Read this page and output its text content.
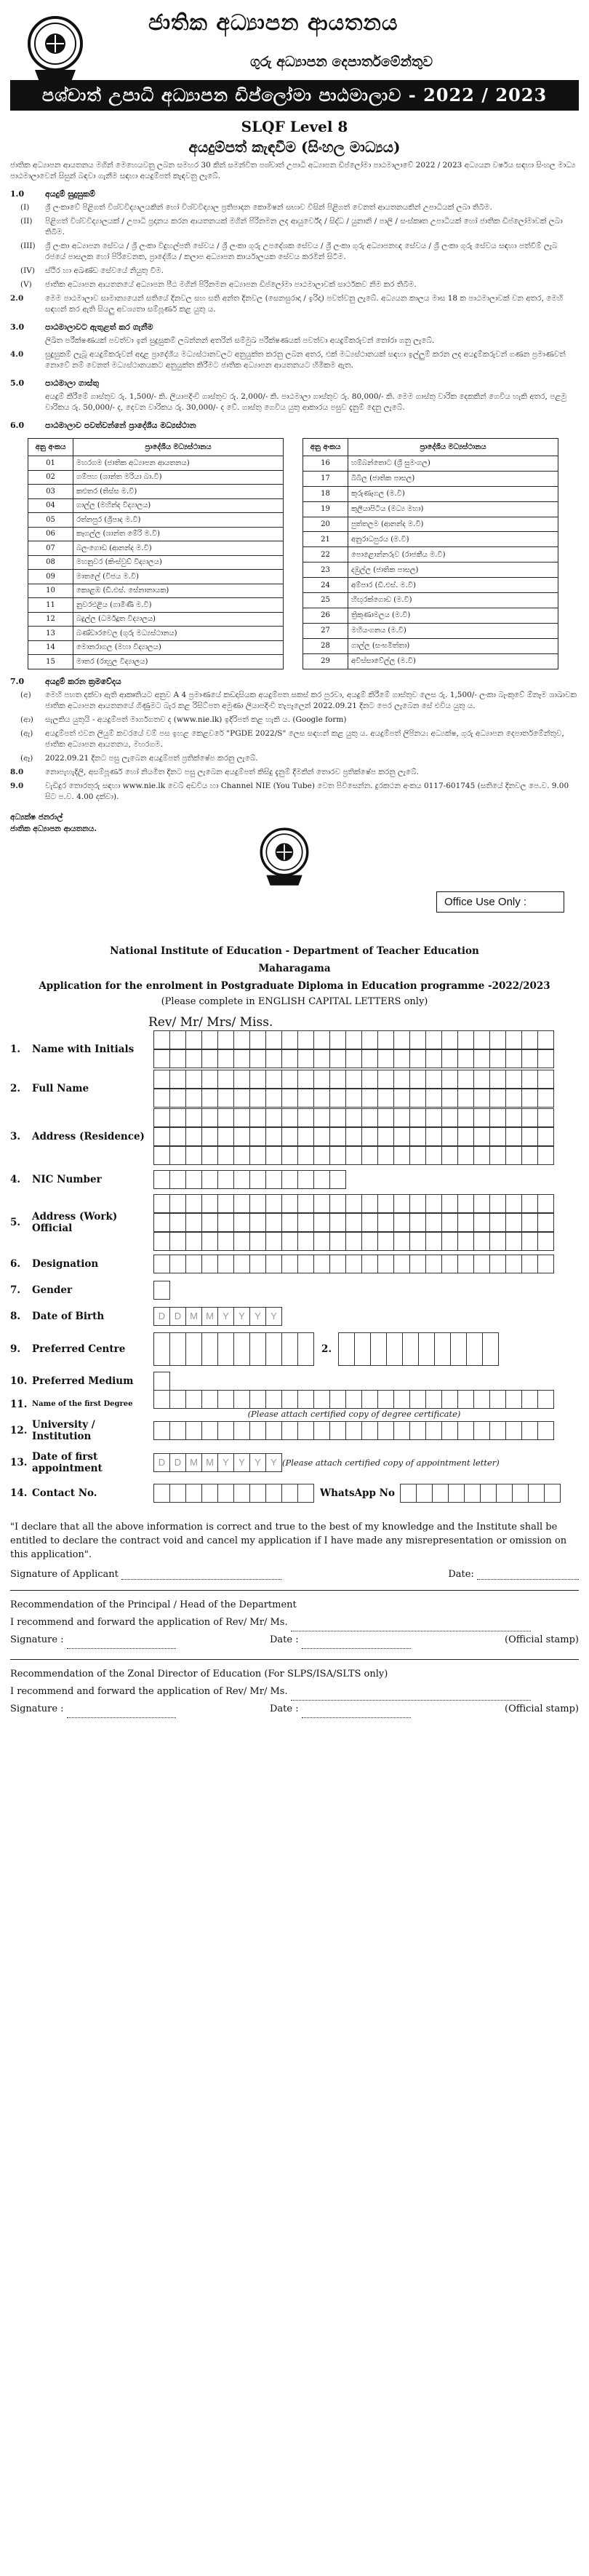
ජාතික අධ්‍යාපන ආයතනය
ගුරු අධ්‍යාපන දෙපාර්තමේන්තුව
පශ්චාත් උපාධි අධ්‍යාපන ඩිප්ලෝමා පාඨමාලාව - 2022 / 2023
SLQF Level 8
අයදුම්පත් කැඳවීම (සිංහල මාධ්‍යය)
ජාතික අධ්‍යාපන ආයතනය මගින් මෙහෙයවනු ලබන සමහර 30 කින් සමන්විත පශ්චාත් උපාධි අධ්‍යාපන ඩිප්ලෝමා පාඨමාලාවේ 2022 / 2023 අධ්‍යයන වර්ෂය සඳහා සිංහල මාධ්‍ය පාඨමාලාවෙන් සිසුන් බඳවා ගැනීම සඳහා අයදුම්පත් කැඳවනු ලැබේ.
1.0	අයදුම් සුදුසුකම්
(I)	ශ්‍රී ලංකාවේ පිළිගත් විශ්වවිද්‍යාලයකින් හෝ විශ්වවිද්‍යාල ප්‍රතිපාදන කොමිෂන් සභාව විසින් පිළිගත් වෙනත් ආයතනයකින් උපාධියක් ලබා තිබීම.
(II)	පිළිගත් විශ්වවිද්‍යාලයක් / උපාධි ප්‍රදානය කරන ආයතනයක් මගින් පිරිනමන ලද ආයුර්වේද / සිද්ධ / යුනානි / පාලි / සංස්කෘත උපාධියක් හෝ ජාතික ඩිප්ලෝමාවක් ලබා තිබීම.
(III)	ශ්‍රී ලංකා අධ්‍යාපන සේවය / ශ්‍රී ලංකා විදුහල්පති සේවය / ශ්‍රී ලංකා ගුරු උපදේශක සේවය / ශ්‍රී ලංකා ගුරු අධ්‍යාපනඥ සේවය / ශ්‍රී ලංකා ගුරු සේවය සඳහා පත්වීම් ලැබ රජයේ පාසලක හෝ පිරිවෙනක, ප්‍රාදේශීය / කලාප අධ්‍යාපන කාර්යාලයක සේවය කරමින් සිටීම.
(IV)	ස්ථිර හා අඛණ්ඩ සේවයේ නියුතු වීම.
(V)	ජාතික අධ්‍යාපන ආයතනයේ අධ්‍යාපන පීඨ මගින් පිරිනමන අධ්‍යාපන ඩිප්ලෝමා පාඨමාලාවක් සාර්ථකව නිම කර තිබීම.
2.0	මෙම පාඨමාලාව සාමාන්‍යයෙන් සතියේ දිනවල සහ සති අන්ත දිනවල (සෙනසුරාදා / ඉරිදා) පවත්වනු ලැබේ. අධ්‍යයන කාලය මාස 18 ක පාඨමාලාවක් වන අතර, මෙහි සඳහන් කර ඇති සියලු අවශ්‍යතා සම්පූර්ණ කළ යුතු ය.
3.0	පාඨමාලාවට ඇතුළත් කර ගැනීම
ලිඛිත පරීක්ෂණයක් පවත්වා ඉන් සුදුසුකම් ලබන්නන් අතරින් සම්මුඛ පරීක්ෂණයක් පවත්වා අයදුම්කරුවන් තෝරා ගනු ලැබේ.
4.0	සුදුසුකම් ලැබූ අයදුම්කරුවන් අදාළ ප්‍රාදේශීය මධ්‍යස්ථානවලට අනුයුක්ත කරනු ලබන අතර, එක් මධ්‍යස්ථානයක් සඳහා ඉල්ලුම් කරන ලද අයදුම්කරුවන් ගණන ප්‍රමාණවත් නොවේ නම් වෙනත් මධ්‍යස්ථානයකට අනුයුක්ත කිරීමට ජාතික අධ්‍යාපන ආයතනයට හිමිකම ඇත.
5.0	පාඨමාලා ගාස්තු
අයදුම් කිරීමේ ගාස්තුව රු. 1,500/- කි. ලියාපදිංචි ගාස්තුව රු. 2,000/- කි. පාඨමාලා ගාස්තුව රු. 80,000/- කි. මෙම ගාස්තු වාරික දෙකකින් ගෙවිය හැකි අතර, පළමු වාරිකය රු. 50,000/- ද, දෙවන වාරිකය රු. 30,000/- ද වේ. ගාස්තු ගෙවිය යුතු ආකාරය පසුව දැනුම් දෙනු ලැබේ.
6.0	පාඨමාලාව පවත්වන්නේ ප්‍රාදේශීය මධ්‍යස්ථාන
අනු අංකය	ප්‍රාදේශීය මධ්‍යස්ථානය
01	මහරගම (ජාතික අධ්‍යාපන ආයතනය)
02	ගම්පහ (ශාන්ත මරියා බා.වි)
03	කළුතර (තිස්ස ම.වි)
04	ගාල්ල (මහින්ද විද්‍යාලය)
05	රත්නපුර (ශ්‍රීපාද ම.වි)
06	කෑගල්ල (ශාන්ත මේරි ම.වි)
07	බලංගොඩ (ආනන්ද ම.වි)
08	මහනුවර (කිංස්වුඩ් විද්‍යාලය)
09	මාතලේ (විජය ම.වි)
10	කොළඹ (ඩී.එස්. සේනානායක)
11	නුවරඑළිය (ගාමිණී ම.වි)
12	බදුල්ල (ධර්මදූත විද්‍යාලය)
13	බණ්ඩාරවෙල (ගුරු මධ්‍යස්ථානය)
14	මොනරාගල (මහා විද්‍යාලය)
15	මාතර (රාහුල විද්‍යාලය)
අනු අංකය	ප්‍රාදේශීය මධ්‍යස්ථානය
16	හම්බන්තොට (ශ්‍රී සුමංගල)
17	බිබිල (ජාතික පාසල)
18	කුරුණෑගල (ම.වි)
19	කුලියාපිටිය (මධ්‍ය මහා)
20	පුත්තලම (ආනන්ද ම.වි)
21	අනුරාධපුරය (ම.වි)
22	පොළොන්නරුව (රාජකීය ම.වි)
23	දඹුල්ල (ජාතික පාසල)
24	අම්පාර (ඩී.එස්. ම.වි)
25	හිඟුරක්ගොඩ (ම.වි)
26	ත්‍රිකුණාමලය (ම.වි)
27	මහියංගනය (ම.වි)
28	ගාල්ල (සංඝමිත්තා)
29	අවිස්සාවේල්ල (ම.වි)
7.0	අයදුම් කරන ක්‍රමවේදය
(අ)	මෙහි පහත දක්වා ඇති ආකෘතියට අනුව A 4 ප්‍රමාණයේ කඩදාසියක අයදුම්පත සකස් කර පුරවා, අයදුම් කිරීමේ ගාස්තුව ලෙස රු. 1,500/- ලංකා බැංකුවේ ඕනෑම ශාඛාවක ජාතික අධ්‍යාපන ආයතනයේ ගිණුමට බැර කළ රිසිට්පත අමුණා ලියාපදිංචි තැපෑලෙන් 2022.09.21 දිනට පෙර ලැබෙන සේ එවිය යුතු ය.
(ආ)	සැලකිය යුතුයි - අයදුම්පත් මාර්ගගතව ද (www.nie.lk) ඉදිරිපත් කළ හැකි ය. (Google form)
(ඇ)	අයදුම්පත් එවන ලියුම් කවරයේ වම් පස ඉහළ කෙළවරේ "PGDE 2022/S" ලෙස සඳහන් කළ යුතු ය. අයදුම්පත් ලිපිනය: අධ්‍යක්ෂ, ගුරු අධ්‍යාපන දෙපාර්තමේන්තුව, ජාතික අධ්‍යාපන ආයතනය, මහරගම.
(ඈ)	2022.09.21 දිනට පසු ලැබෙන අයදුම්පත් ප්‍රතික්ෂේප කරනු ලැබේ.
8.0	නොපැහැදිලි, අසම්පූර්ණ හෝ නියමිත දිනට පසු ලැබෙන අයදුම්පත් කිසිදු දැනුම් දීමකින් තොරව ප්‍රතික්ෂේප කරනු ලැබේ.
9.0	වැඩිදුර තොරතුරු සඳහා www.nie.lk වෙබ් අඩවිය හා Channel NIE (You Tube) වෙත පිවිසෙන්න. දුරකථන අංකය 0117-601745 (සතියේ දිනවල පෙ.ව. 9.00 සිට ප.ව. 4.00 දක්වා).
අධ්‍යක්ෂ ජනරාල්
ජාතික අධ්‍යාපන ආයතනය.
Office Use Only :
National Institute of Education - Department of Teacher Education
Maharagama
Application for the enrolment in Postgraduate Diploma in Education programme -2022/2023
(Please complete in ENGLISH CAPITAL LETTERS only)
Rev/ Mr/ Mrs/ Miss.
1.	Name with Initials
2.	Full Name
3.	Address (Residence)
4.	NIC Number
5.	Address (Work) Official
6.	Designation
7.	Gender
8.	Date of Birth	D D M M Y	Y	Y	Y
9.	Preferred Centre	2.
10. Preferred Medium
11. Name of the first Degree
(Please attach certified copy of degree certificate)
12. University / Institution
13. Date of first appointment
D D M M Y	Y	Y	Y (Please attach certified copy of appointment letter)
14. Contact No.	WhatsApp No
"I declare that all the above information is correct and true to the best of my knowledge and the Institute shall be entitled to declare the contract void and cancel my application if I have made any misrepresentation or omission on this application".
Signature of Applicant	Date:
Recommendation of the Principal / Head of the Department
I recommend and forward the application of Rev/ Mr/ Ms.
Signature :	Date :	(Official stamp)
Recommendation of the Zonal Director of Education (For SLPS/ISA/SLTS only)
I recommend and forward the application of Rev/ Mr/ Ms.
Signature :	Date :	(Official stamp)
